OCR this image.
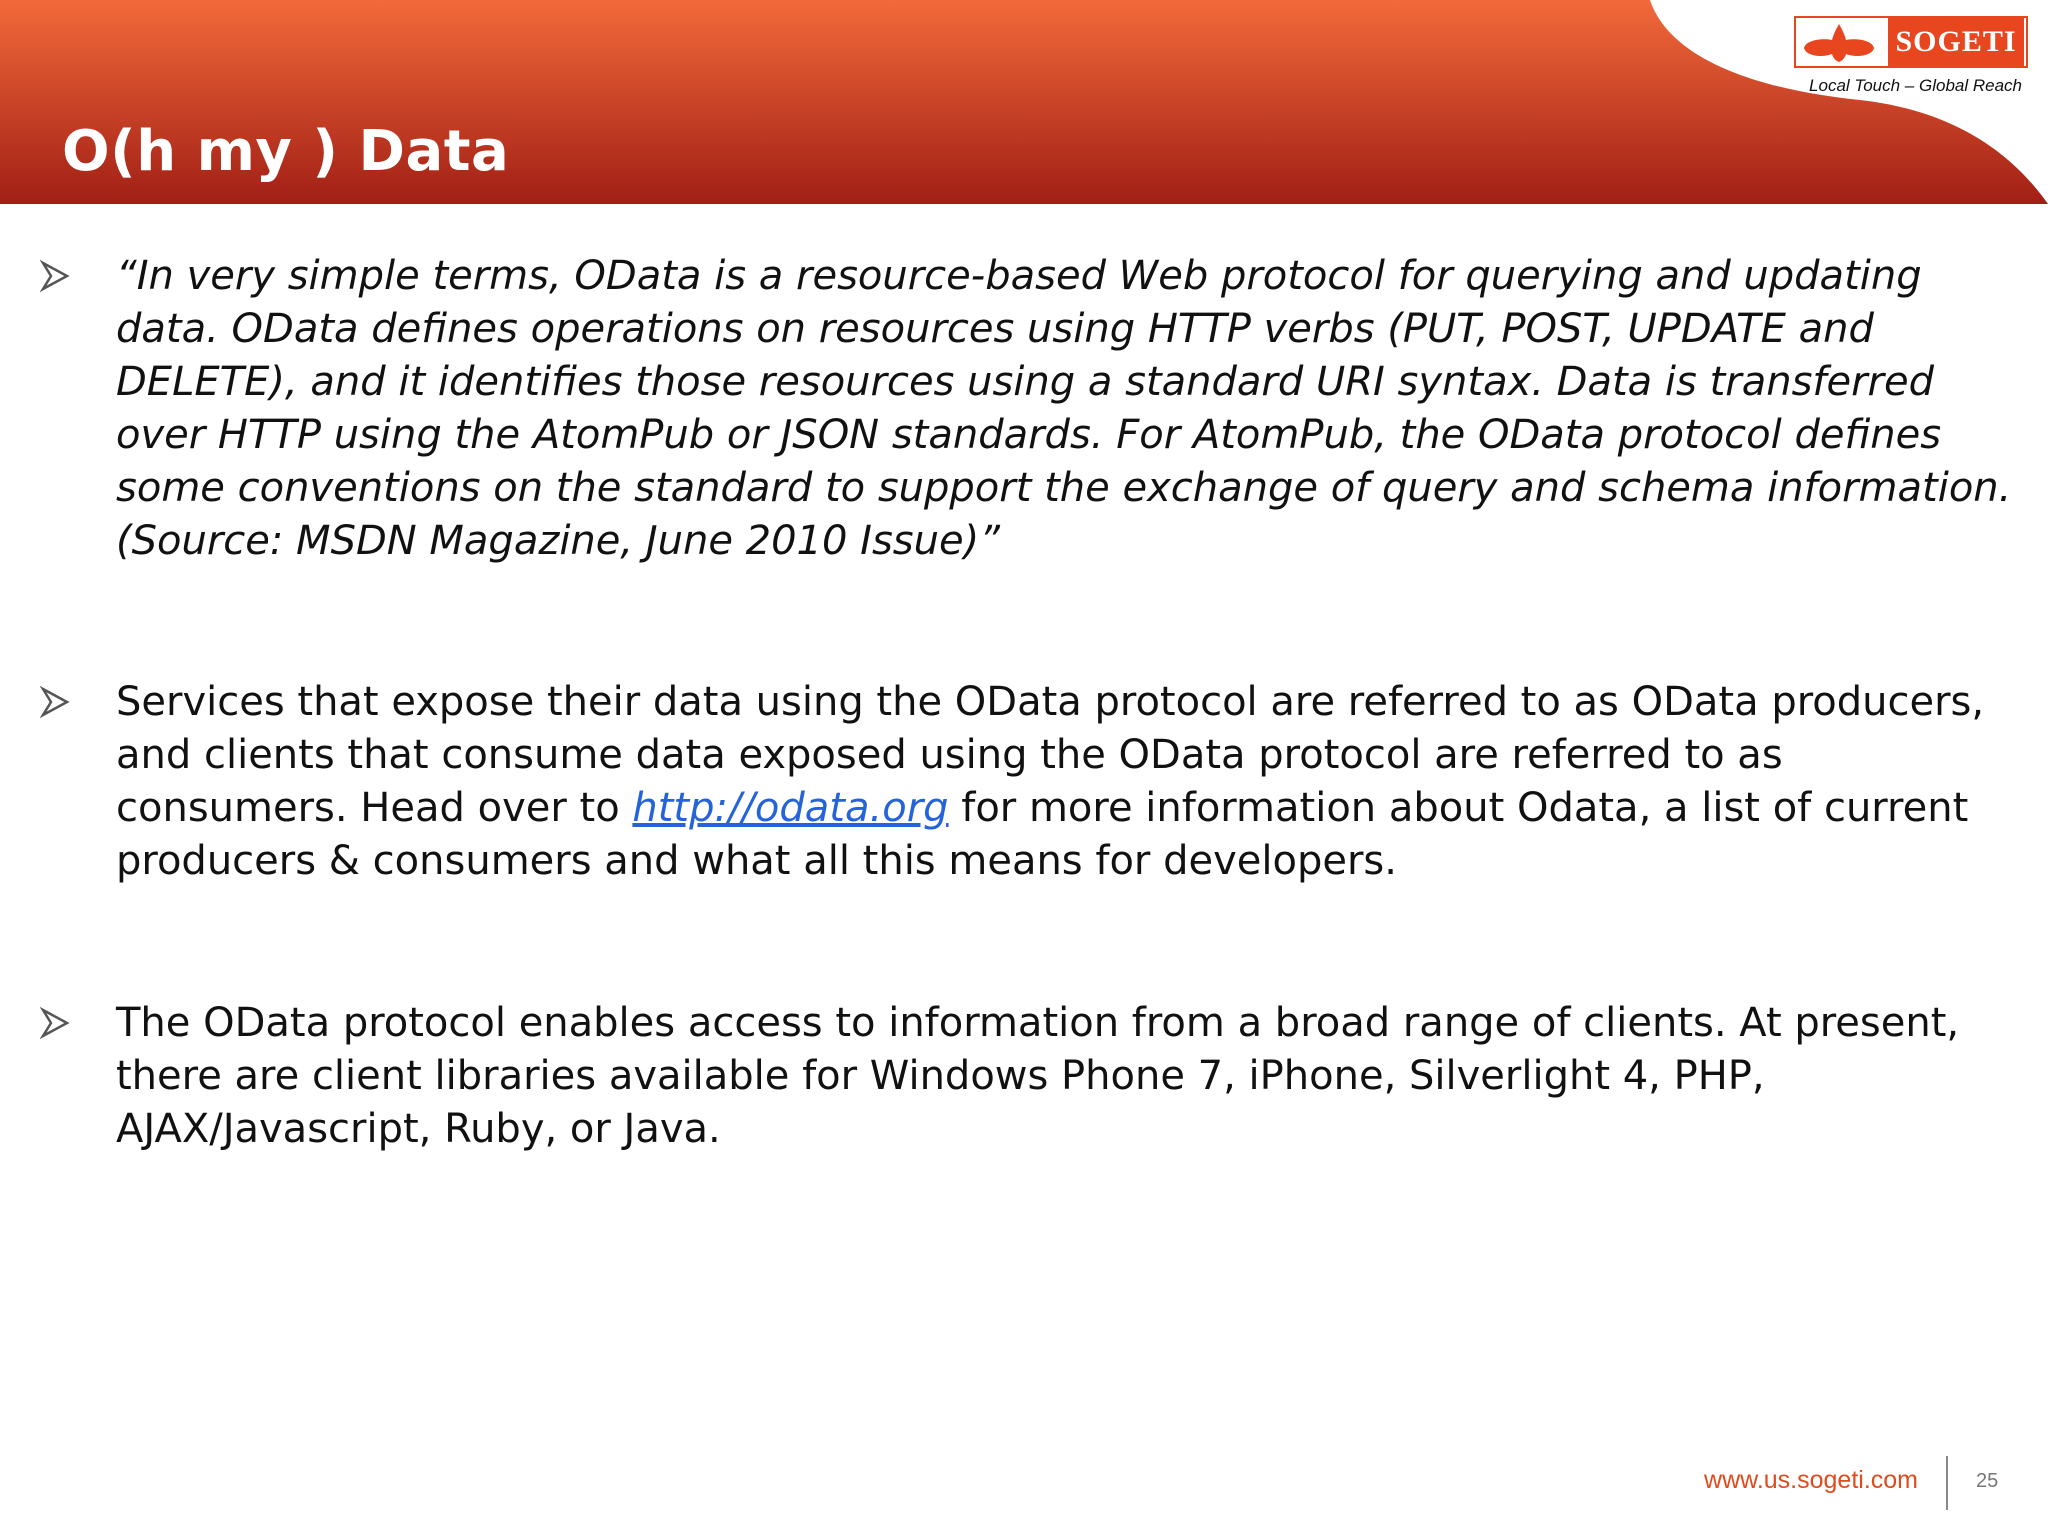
O(h my ) Data
SOGETI
Local Touch – Global Reach

“In very simple terms, OData is a resource-based Web protocol for querying and updating data. OData defines operations on resources using HTTP verbs (PUT, POST, UPDATE and DELETE), and it identifies those resources using a standard URI syntax. Data is transferred over HTTP using the AtomPub or JSON standards. For AtomPub, the OData protocol defines some conventions on the standard to support the exchange of query and schema information. (Source: MSDN Magazine, June 2010 Issue)”

Services that expose their data using the OData protocol are referred to as OData producers, and clients that consume data exposed using the OData protocol are referred to as consumers. Head over to http://odata.org for more information about Odata, a list of current producers & consumers and what all this means for developers.

The OData protocol enables access to information from a broad range of clients. At present, there are client libraries available for Windows Phone 7, iPhone, Silverlight 4, PHP, AJAX/Javascript, Ruby, or Java.

www.us.sogeti.com	25
